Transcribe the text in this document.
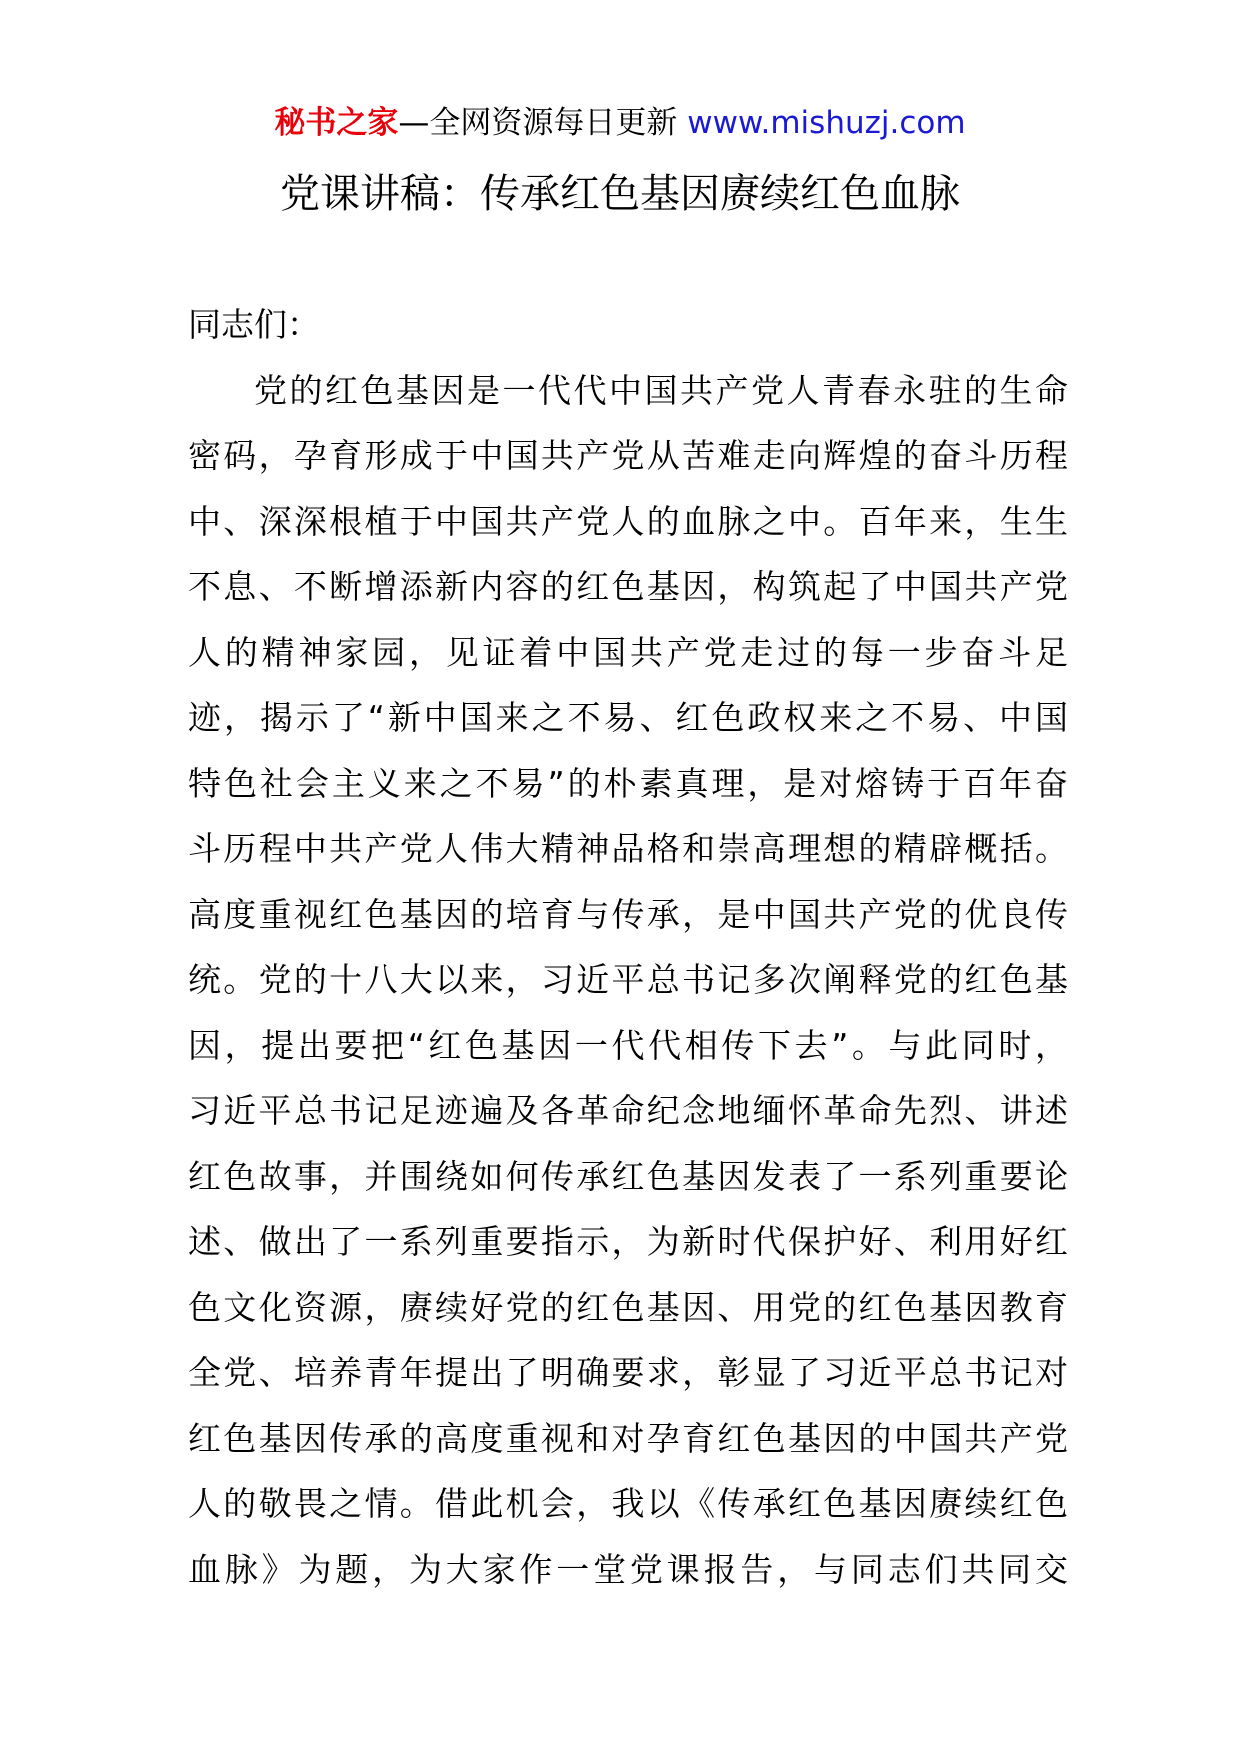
秘书之家—全网资源每日更新 www.mishuzj.com
党课讲稿：传承红色基因赓续红色血脉
同志们：
党的红色基因是一代代中国共产党人青春永驻的生命
密码，孕育形成于中国共产党从苦难走向辉煌的奋斗历程
中、深深根植于中国共产党人的血脉之中。百年来，生生
不息、不断增添新内容的红色基因，构筑起了中国共产党
人的精神家园，见证着中国共产党走过的每一步奋斗足
迹，揭示了“新中国来之不易、红色政权来之不易、中国
特色社会主义来之不易”的朴素真理，是对熔铸于百年奋
斗历程中共产党人伟大精神品格和崇高理想的精辟概括。
高度重视红色基因的培育与传承，是中国共产党的优良传
统。党的十八大以来，习近平总书记多次阐释党的红色基
因，提出要把“红色基因一代代相传下去”。与此同时，
习近平总书记足迹遍及各革命纪念地缅怀革命先烈、讲述
红色故事，并围绕如何传承红色基因发表了一系列重要论
述、做出了一系列重要指示，为新时代保护好、利用好红
色文化资源，赓续好党的红色基因、用党的红色基因教育
全党、培养青年提出了明确要求，彰显了习近平总书记对
红色基因传承的高度重视和对孕育红色基因的中国共产党
人的敬畏之情。借此机会，我以《传承红色基因赓续红色
血脉》为题，为大家作一堂党课报告，与同志们共同交
